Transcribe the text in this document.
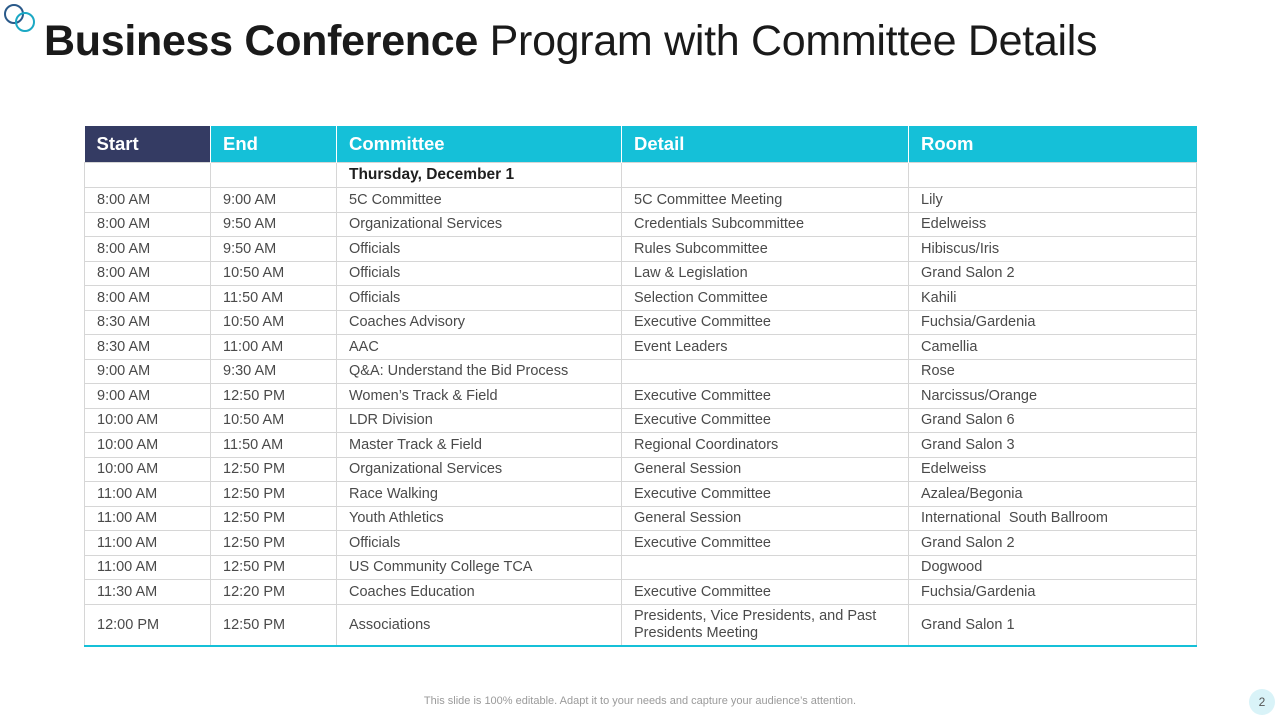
Business Conference Program with Committee Details
Start	End	Committee	Detail	Room
		Thursday, December 1		
8:00 AM	9:00 AM	5C Committee	5C Committee Meeting	Lily
8:00 AM	9:50 AM	Organizational Services	Credentials Subcommittee	Edelweiss
8:00 AM	9:50 AM	Officials	Rules Subcommittee	Hibiscus/Iris
8:00 AM	10:50 AM	Officials	Law & Legislation	Grand Salon 2
8:00 AM	11:50 AM	Officials	Selection Committee	Kahili
8:30 AM	10:50 AM	Coaches Advisory	Executive Committee	Fuchsia/Gardenia
8:30 AM	11:00 AM	AAC	Event Leaders	Camellia
9:00 AM	9:30 AM	Q&A: Understand the Bid Process		Rose
9:00 AM	12:50 PM	Women’s Track & Field	Executive Committee	Narcissus/Orange
10:00 AM	10:50 AM	LDR Division	Executive Committee	Grand Salon 6
10:00 AM	11:50 AM	Master Track & Field	Regional Coordinators	Grand Salon 3
10:00 AM	12:50 PM	Organizational Services	General Session	Edelweiss
11:00 AM	12:50 PM	Race Walking	Executive Committee	Azalea/Begonia
11:00 AM	12:50 PM	Youth Athletics	General Session	International  South Ballroom
11:00 AM	12:50 PM	Officials	Executive Committee	Grand Salon 2
11:00 AM	12:50 PM	US Community College TCA		Dogwood
11:30 AM	12:20 PM	Coaches Education	Executive Committee	Fuchsia/Gardenia
12:00 PM	12:50 PM	Associations	Presidents, Vice Presidents, and Past Presidents Meeting	Grand Salon 1
This slide is 100% editable. Adapt it to your needs and capture your audience’s attention.	2
